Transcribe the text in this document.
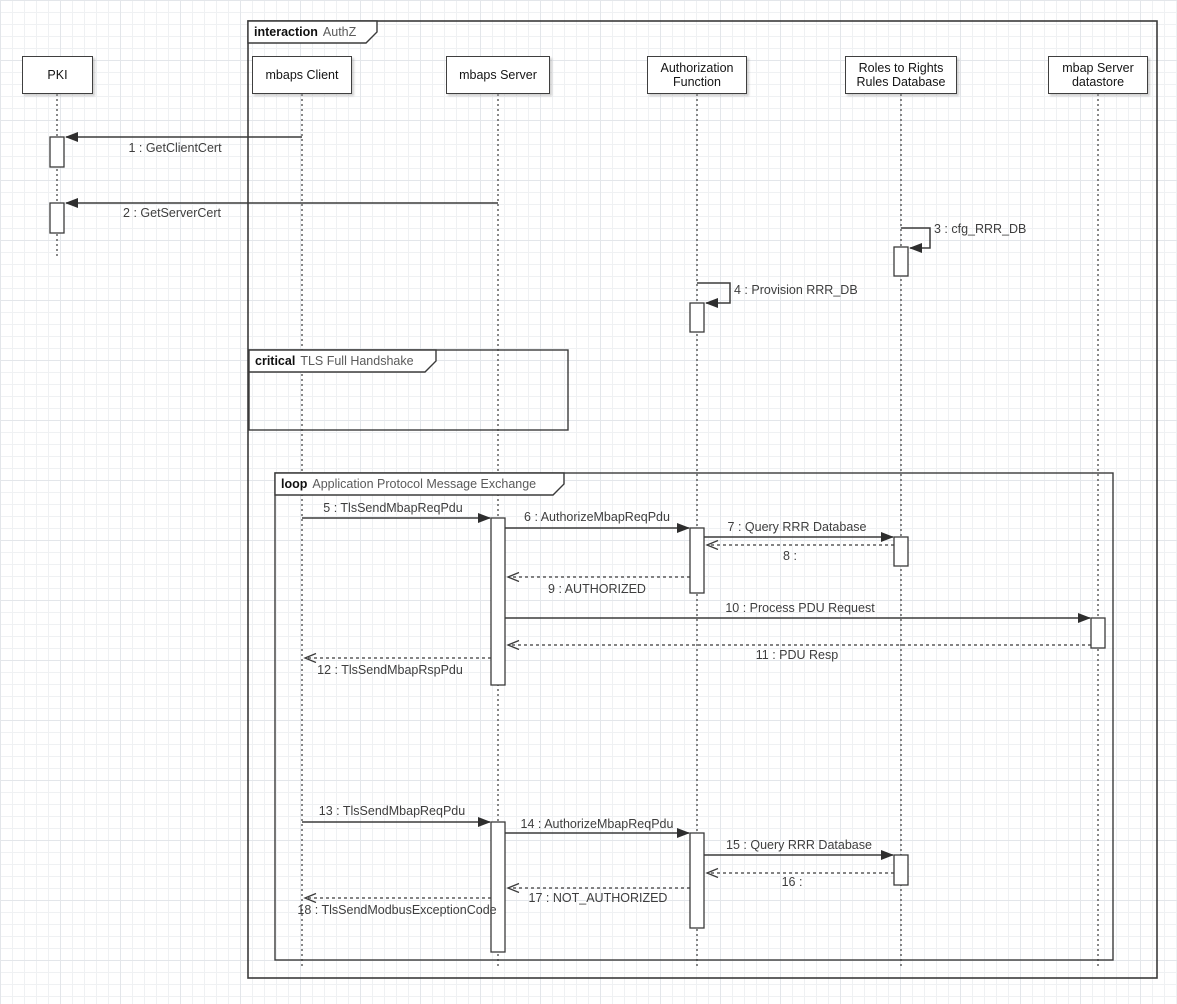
interaction AuthZ
critical TLS Full Handshake
loop Application Protocol Message Exchange
PKI	mbaps Client	mbaps Server	Authorization Function
Roles to Rights Rules Database
mbap Server datastore
1 : GetClientCert
2 : GetServerCert
3 : cfg_RRR_DB
4 : Provision RRR_DB
5 : TlsSendMbapReqPdu
6 : AuthorizeMbapReqPdu
7 : Query RRR Database
8 :
9 : AUTHORIZED
10 : Process PDU Request
11 : PDU Resp
12 : TlsSendMbapRspPdu
13 : TlsSendMbapReqPdu
14 : AuthorizeMbapReqPdu
15 : Query RRR Database
16 :
17 : NOT_AUTHORIZED
18 : TlsSendModbusExceptionCode
